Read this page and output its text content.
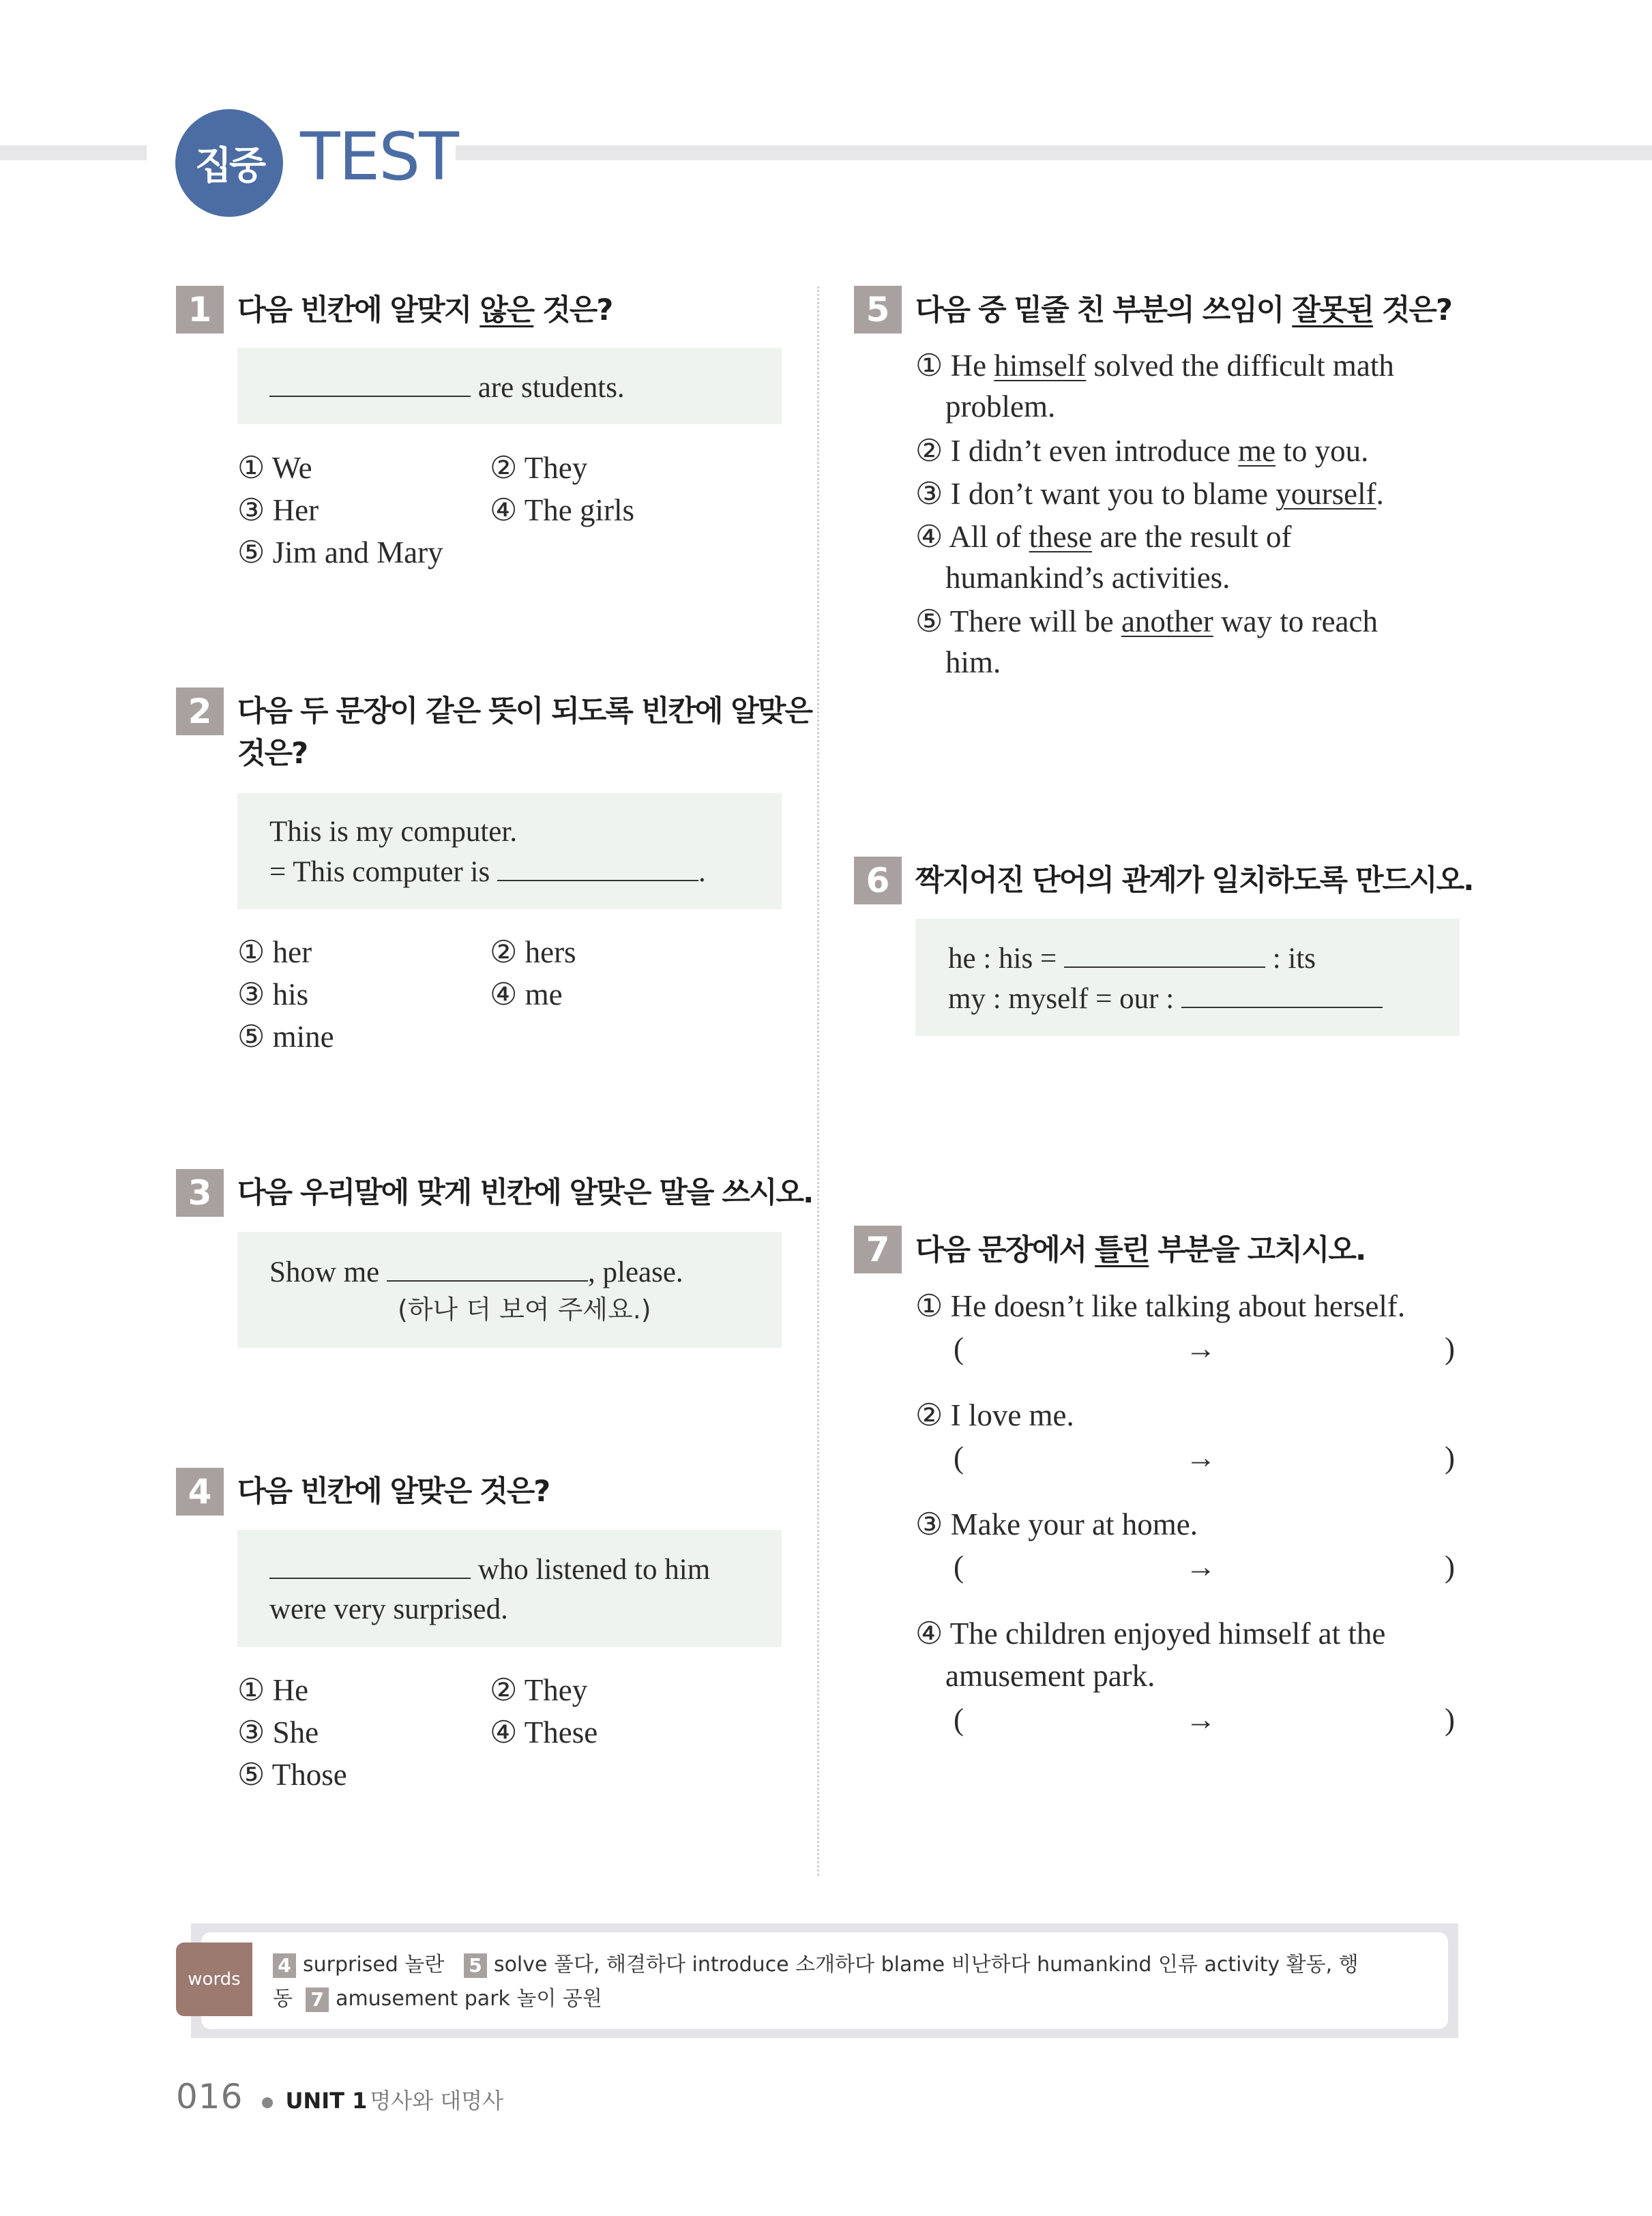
집중 TEST
1 다음 빈칸에 알맞지 않은 것은?
are students.
① We	② They
③ Her	④ The girls
⑤ Jim and Mary
2 다음 두 문장이 같은 뜻이 되도록 빈칸에 알맞은
것은?
This is my computer.
= This computer is	.
① her	② hers
③ his	④ me
⑤ mine
3 다음 우리말에 맞게 빈칸에 알맞은 말을 쓰시오.
Show me	, please.
(하나 더 보여 주세요.)
4 다음 빈칸에 알맞은 것은?
who listened to him
were very surprised.
① He	② They
③ She	④ These
⑤ Those
5 다음 중 밑줄 친 부분의 쓰임이 잘못된 것은?
① He himself solved the difficult math
problem.
② I didn’t even introduce me to you.
③ I don’t want you to blame yourself.
④ All of these are the result of
humankind’s activities.
⑤ There will be another way to reach
him.
6 짝지어진 단어의 관계가 일치하도록 만드시오.
he : his =	: its
my : myself = our :
7 다음 문장에서 틀린 부분을 고치시오.
① He doesn’t like talking about herself.
(	→	)
② I love me.
(	→	)
③ Make your at home.
(	→	)
④ The children enjoyed himself at the
amusement park.
(	→	)
words
4 surprised 놀란 5 solve 풀다, 해결하다 introduce 소개하다 blame 비난하다 humankind 인류 activity 활동, 행
동 7 amusement park 놀이 공원
016 UNIT 1 명사와 대명사
